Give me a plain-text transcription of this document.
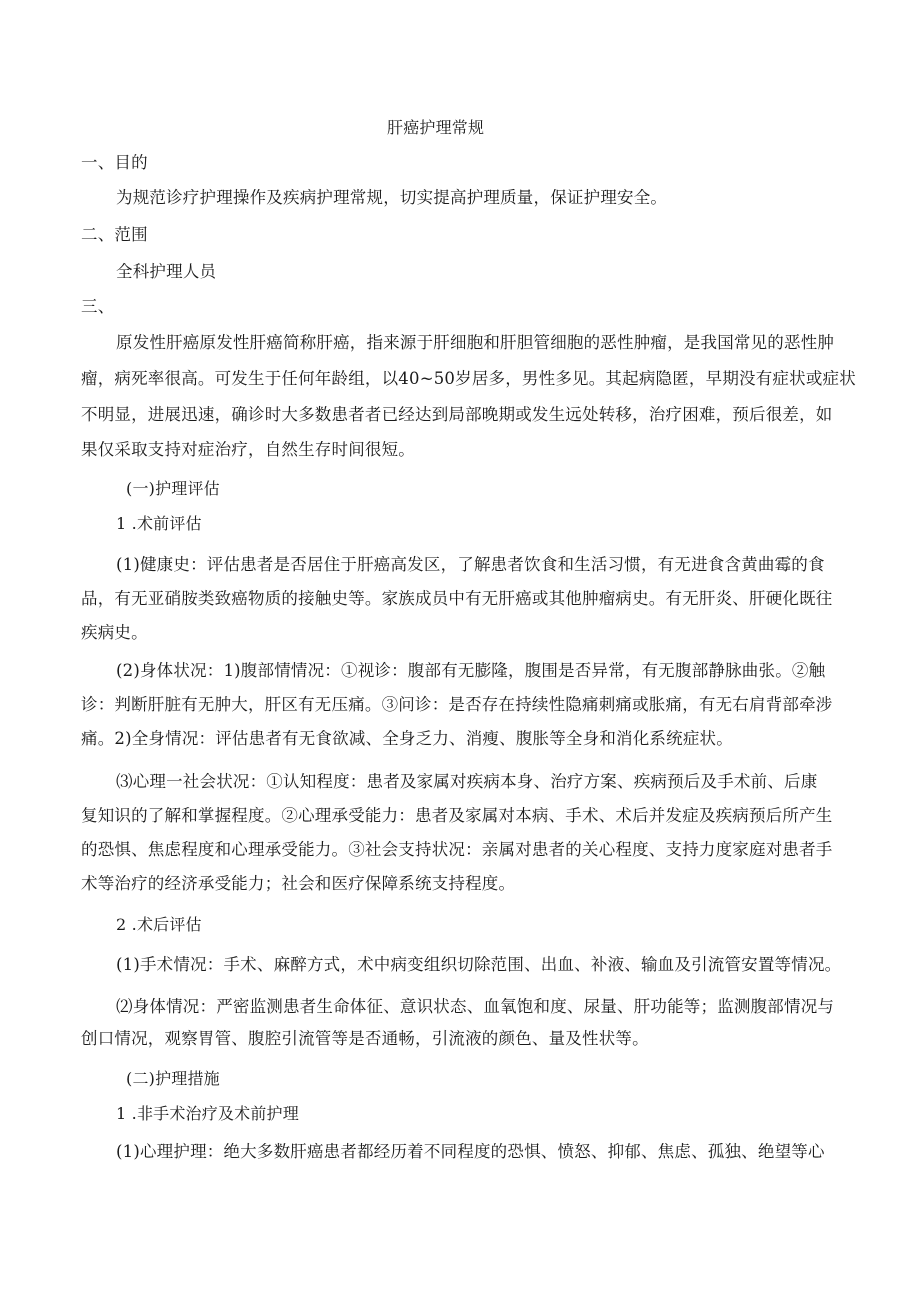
肝癌护理常规
一、目的
为规范诊疗护理操作及疾病护理常规，切实提高护理质量，保证护理安全。
二、范围
全科护理人员
三、
原发性肝癌原发性肝癌简称肝癌，指来源于肝细胞和肝胆管细胞的恶性肿瘤，是我国常见的恶性肿
瘤，病死率很高。可发生于任何年龄组，以40~50岁居多，男性多见。其起病隐匿，早期没有症状或症状
不明显，进展迅速，确诊时大多数患者者已经达到局部晚期或发生远处转移，治疗困难，预后很差，如
果仅采取支持对症治疗，自然生存时间很短。
(一)护理评估
1 .术前评估
(1)健康史：评估患者是否居住于肝癌高发区，了解患者饮食和生活习惯，有无进食含黄曲霉的食
品，有无亚硝胺类致癌物质的接触史等。家族成员中有无肝癌或其他肿瘤病史。有无肝炎、肝硬化既往
疾病史。
(2)身体状况：1)腹部情情况：①视诊：腹部有无膨隆，腹围是否异常，有无腹部静脉曲张。②触
诊：判断肝脏有无肿大，肝区有无压痛。③问诊：是否存在持续性隐痛刺痛或胀痛，有无右肩背部牵涉
痛。2)全身情况：评估患者有无食欲减、全身乏力、消瘦、腹胀等全身和消化系统症状。
⑶心理一社会状况：①认知程度：患者及家属对疾病本身、治疗方案、疾病预后及手术前、后康
复知识的了解和掌握程度。②心理承受能力：患者及家属对本病、手术、术后并发症及疾病预后所产生
的恐惧、焦虑程度和心理承受能力。③社会支持状况：亲属对患者的关心程度、支持力度家庭对患者手
术等治疗的经济承受能力；社会和医疗保障系统支持程度。
2 .术后评估
(1)手术情况：手术、麻醉方式，术中病变组织切除范围、出血、补液、输血及引流管安置等情况。
⑵身体情况：严密监测患者生命体征、意识状态、血氧饱和度、尿量、肝功能等；监测腹部情况与
创口情况，观察胃管、腹腔引流管等是否通畅，引流液的颜色、量及性状等。
(二)护理措施
1 .非手术治疗及术前护理
(1)心理护理：绝大多数肝癌患者都经历着不同程度的恐惧、愤怒、抑郁、焦虑、孤独、绝望等心
